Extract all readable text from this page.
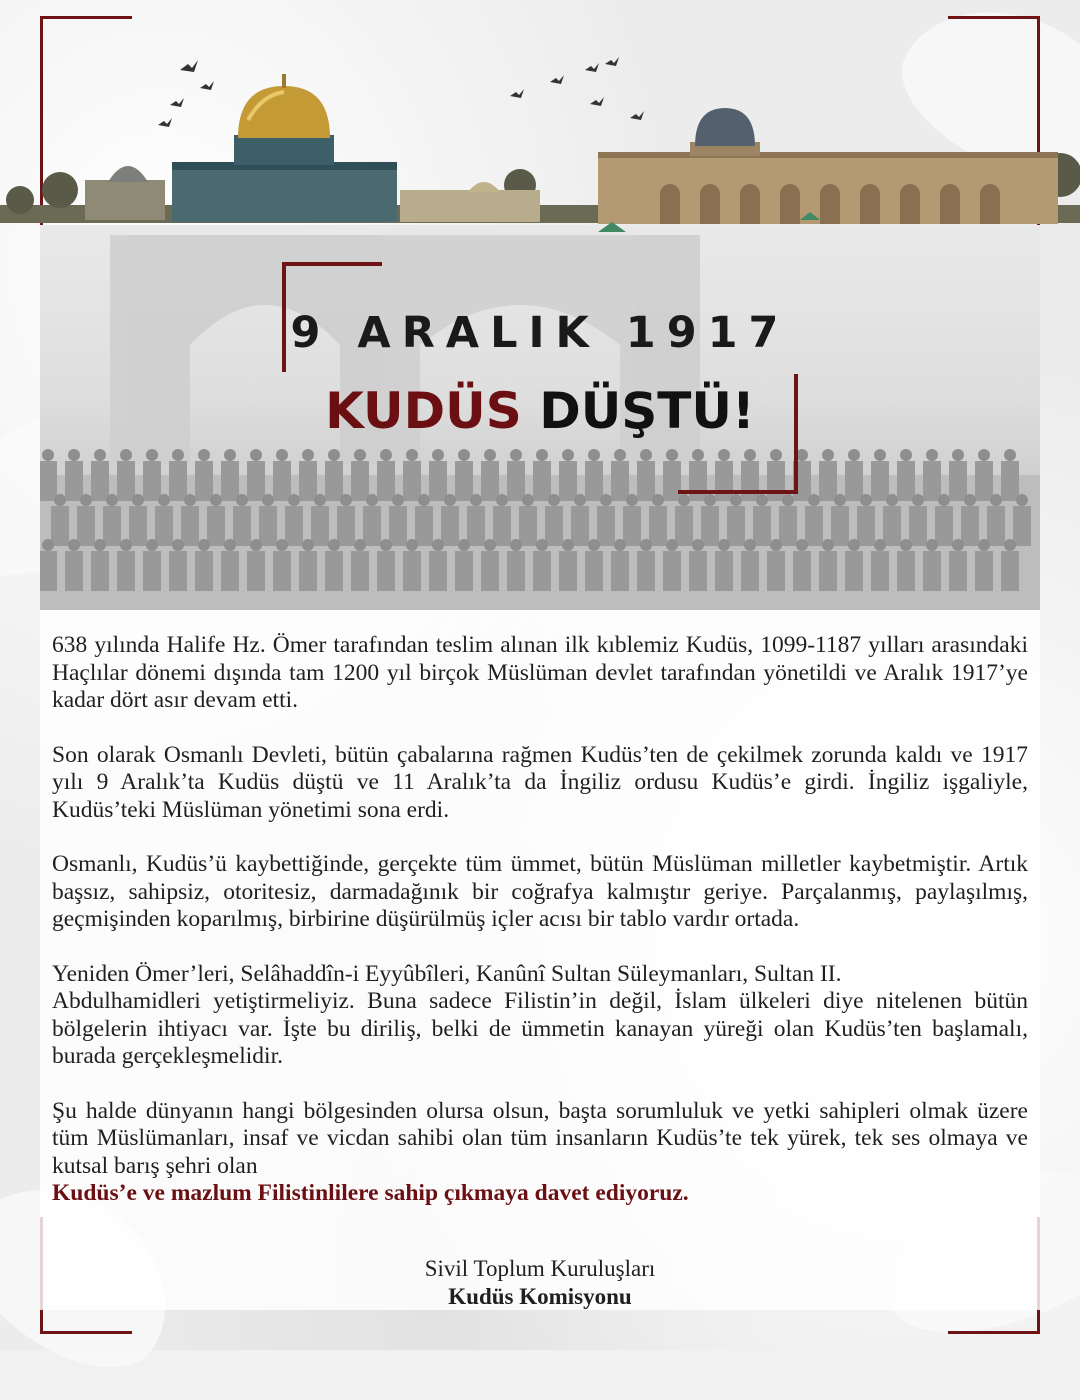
9 ARALIK 1917
KUDÜS DÜŞTÜ!

638 yılında Halife Hz. Ömer tarafından teslim alınan ilk kıblemiz Kudüs, 1099-1187 yılları arasındaki Haçlılar dönemi dışında tam 1200 yıl birçok Müslüman devlet tarafından yönetildi ve Aralık 1917’ye kadar dört asır devam etti.

Son olarak Osmanlı Devleti, bütün çabalarına rağmen Kudüs’ten de çekilmek zorunda kaldı ve 1917 yılı 9 Aralık’ta Kudüs düştü ve 11 Aralık’ta da İngiliz ordusu Kudüs’e girdi. İngiliz işgaliyle, Kudüs’teki Müslüman yönetimi sona erdi.

Osmanlı, Kudüs’ü kaybettiğinde, gerçekte tüm ümmet, bütün Müslüman milletler kaybetmiştir. Artık başsız, sahipsiz, otoritesiz, darmadağınık bir coğrafya kalmıştır geriye. Parçalanmış, paylaşılmış, geçmişinden koparılmış, birbirine düşürülmüş içler acısı bir tablo vardır ortada.

Yeniden Ömer’leri, Selâhaddîn-i Eyyûbîleri, Kanûnî Sultan Süleymanları, Sultan II.
Abdulhamidleri yetiştirmeliyiz. Buna sadece Filistin’in değil, İslam ülkeleri diye nitelenen bütün bölgelerin ihtiyacı var. İşte bu diriliş, belki de ümmetin kanayan yüreği olan Kudüs’ten başlamalı, burada gerçekleşmelidir.

Şu halde dünyanın hangi bölgesinden olursa olsun, başta sorumluluk ve yetki sahipleri olmak üzere tüm Müslümanları, insaf ve vicdan sahibi olan tüm insanların Kudüs’te tek yürek, tek ses olmaya ve kutsal barış şehri olan
Kudüs’e ve mazlum Filistinlilere sahip çıkmaya davet ediyoruz.

Sivil Toplum Kuruluşları
Kudüs Komisyonu
